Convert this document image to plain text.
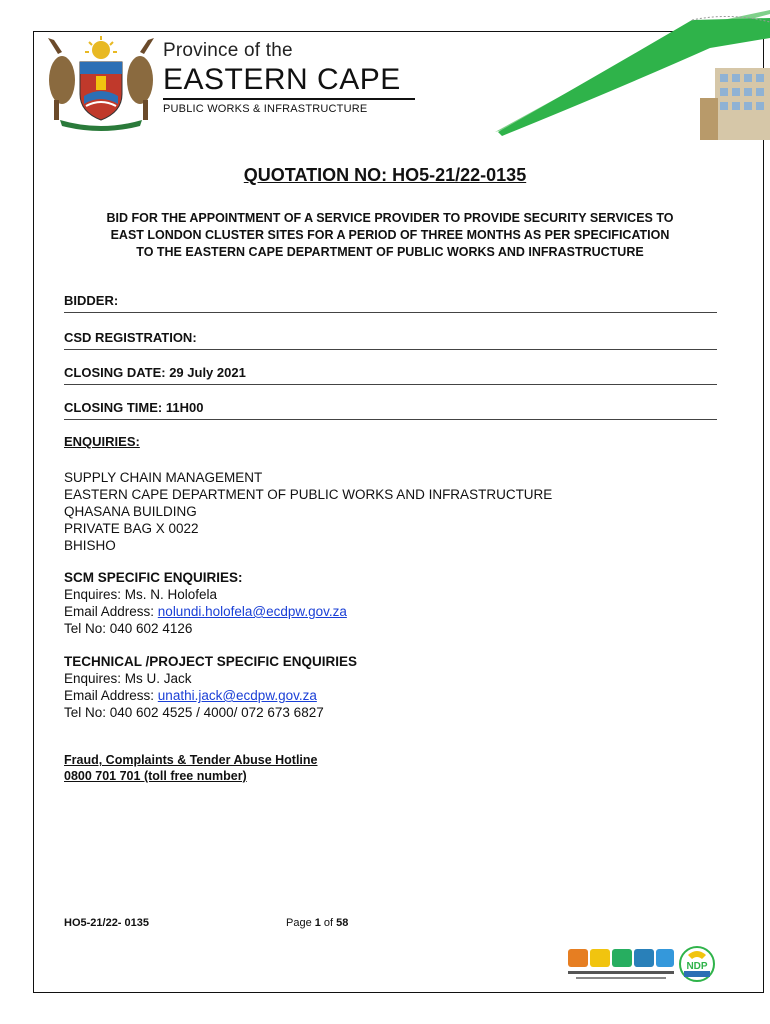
Province of the
EASTERN CAPE
PUBLIC WORKS & INFRASTRUCTURE
QUOTATION NO: HO5-21/22-0135
BID FOR THE APPOINTMENT OF A SERVICE PROVIDER TO PROVIDE SECURITY SERVICES TO
EAST LONDON CLUSTER SITES FOR A PERIOD OF THREE MONTHS AS PER SPECIFICATION
TO THE EASTERN CAPE DEPARTMENT OF PUBLIC WORKS AND INFRASTRUCTURE
BIDDER:
CSD REGISTRATION:
CLOSING DATE: 29 July 2021
CLOSING TIME: 11H00
ENQUIRIES:
SUPPLY CHAIN MANAGEMENT
EASTERN CAPE DEPARTMENT OF PUBLIC WORKS AND INFRASTRUCTURE
QHASANA BUILDING
PRIVATE BAG X 0022
BHISHO
SCM SPECIFIC ENQUIRIES:
Enquires: Ms. N. Holofela
Email Address: nolundi.holofela@ecdpw.gov.za
Tel No: 040 602 4126
TECHNICAL /PROJECT SPECIFIC ENQUIRIES
Enquires: Ms U. Jack
Email Address: unathi.jack@ecdpw.gov.za
Tel No: 040 602 4525 / 4000/ 072 673 6827
Fraud, Complaints & Tender Abuse Hotline
0800 701 701 (toll free number)
HO5-21/22- 0135	Page 1 of 58
NDP
